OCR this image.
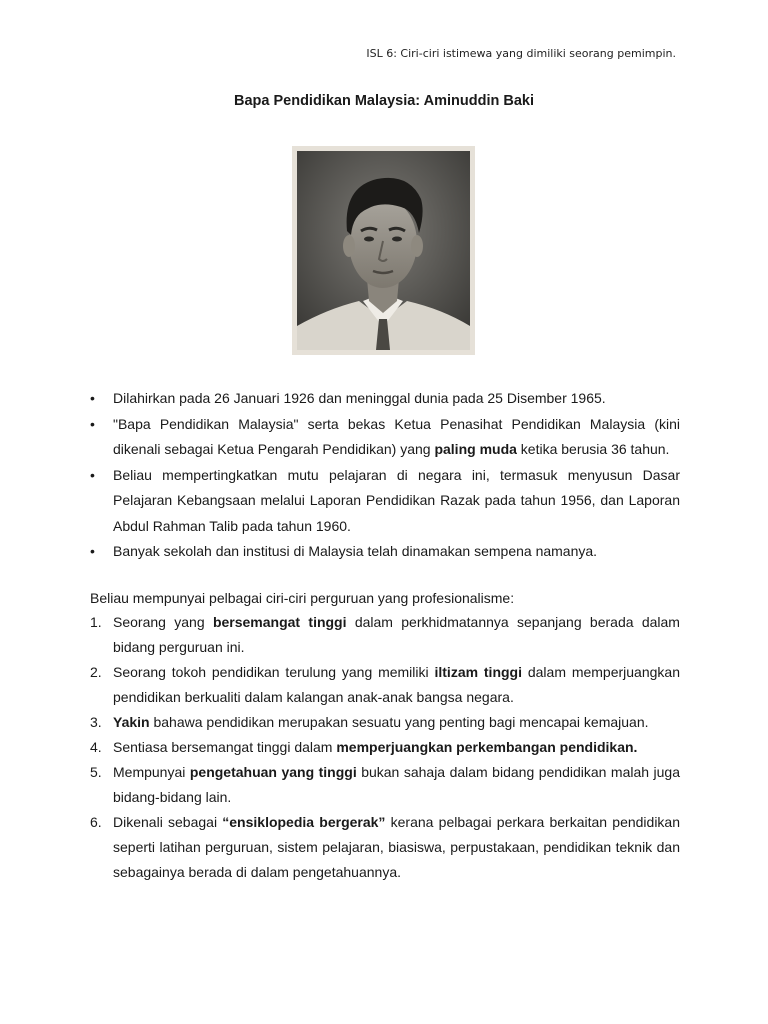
ISL 6: Ciri-ciri istimewa yang dimiliki seorang pemimpin.
Bapa Pendidikan Malaysia: Aminuddin Baki
• Dilahirkan pada 26 Januari 1926 dan meninggal dunia pada 25 Disember 1965.
• "Bapa Pendidikan Malaysia" serta bekas Ketua Penasihat Pendidikan Malaysia (kini dikenali sebagai Ketua Pengarah Pendidikan) yang paling muda ketika berusia 36 tahun.
• Beliau mempertingkatkan mutu pelajaran di negara ini, termasuk menyusun Dasar Pelajaran Kebangsaan melalui Laporan Pendidikan Razak pada tahun 1956, dan Laporan Abdul Rahman Talib pada tahun 1960.
• Banyak sekolah dan institusi di Malaysia telah dinamakan sempena namanya.
Beliau mempunyai pelbagai ciri-ciri perguruan yang profesionalisme:
1. Seorang yang bersemangat tinggi dalam perkhidmatannya sepanjang berada dalam bidang perguruan ini.
2. Seorang tokoh pendidikan terulung yang memiliki iltizam tinggi dalam memperjuangkan pendidikan berkualiti dalam kalangan anak-anak bangsa negara.
3. Yakin bahawa pendidikan merupakan sesuatu yang penting bagi mencapai kemajuan.
4. Sentiasa bersemangat tinggi dalam memperjuangkan perkembangan pendidikan.
5. Mempunyai pengetahuan yang tinggi bukan sahaja dalam bidang pendidikan malah juga bidang-bidang lain.
6. Dikenali sebagai “ensiklopedia bergerak” kerana pelbagai perkara berkaitan pendidikan seperti latihan perguruan, sistem pelajaran, biasiswa, perpustakaan, pendidikan teknik dan sebagainya berada di dalam pengetahuannya.
